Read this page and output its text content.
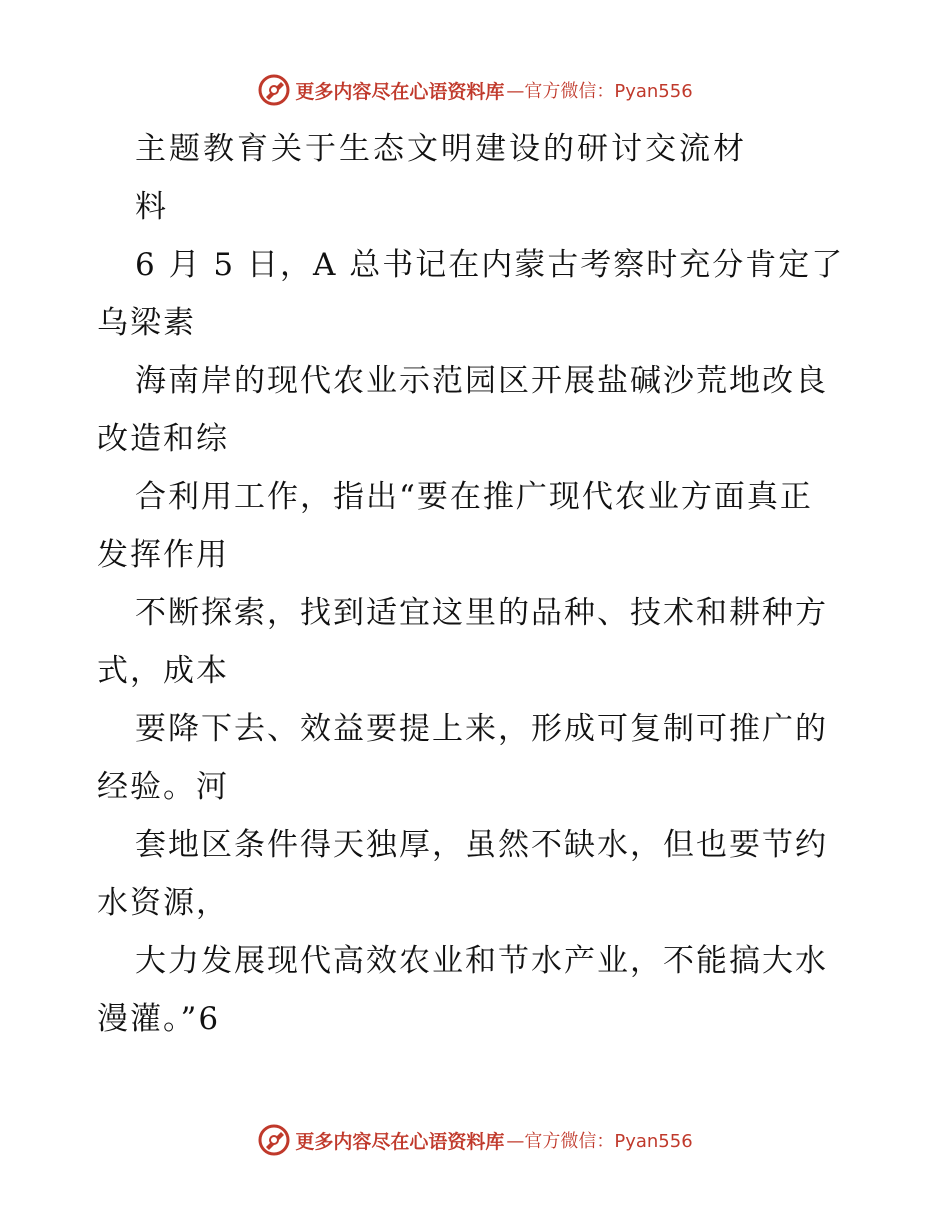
更多内容尽在心语资料库 —官方微信：Pyan556
主题教育关于生态文明建设的研讨交流材
料
6 月 5 日，A 总书记在内蒙古考察时充分肯定了
乌梁素
海南岸的现代农业示范园区开展盐碱沙荒地改良
改造和综
合利用工作，指出“要在推广现代农业方面真正
发挥作用
不断探索，找到适宜这里的品种、技术和耕种方
式，成本
要降下去、效益要提上来，形成可复制可推广的
经验。河
套地区条件得天独厚，虽然不缺水，但也要节约
水资源，
大力发展现代高效农业和节水产业，不能搞大水
漫灌。”6
更多内容尽在心语资料库 —官方微信：Pyan556
